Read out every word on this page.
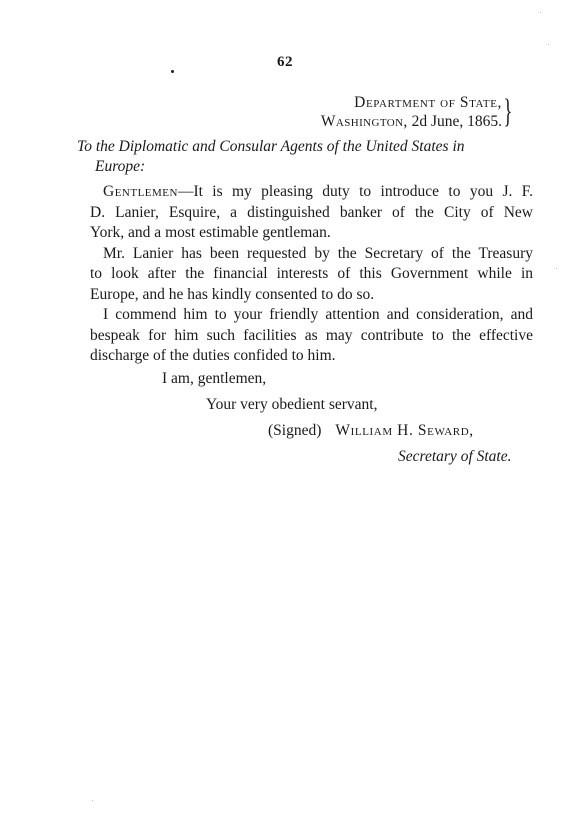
62
Department of State,
Washington, 2d June, 1865. }
To the Diplomatic and Consular Agents of the United States in
Europe:
Gentlemen—It is my pleasing duty to introduce to you J. F.
D. Lanier, Esquire, a distinguished banker of the City of New
York, and a most estimable gentleman.
Mr. Lanier has been requested by the Secretary of the Treasury
to look after the financial interests of this Government while in
Europe, and he has kindly consented to do so.
I commend him to your friendly attention and consideration, and
bespeak for him such facilities as may contribute to the effective
discharge of the duties confided to him.
I am, gentlemen,
Your very obedient servant,
(Signed) William H. Seward,
Secretary of State.
